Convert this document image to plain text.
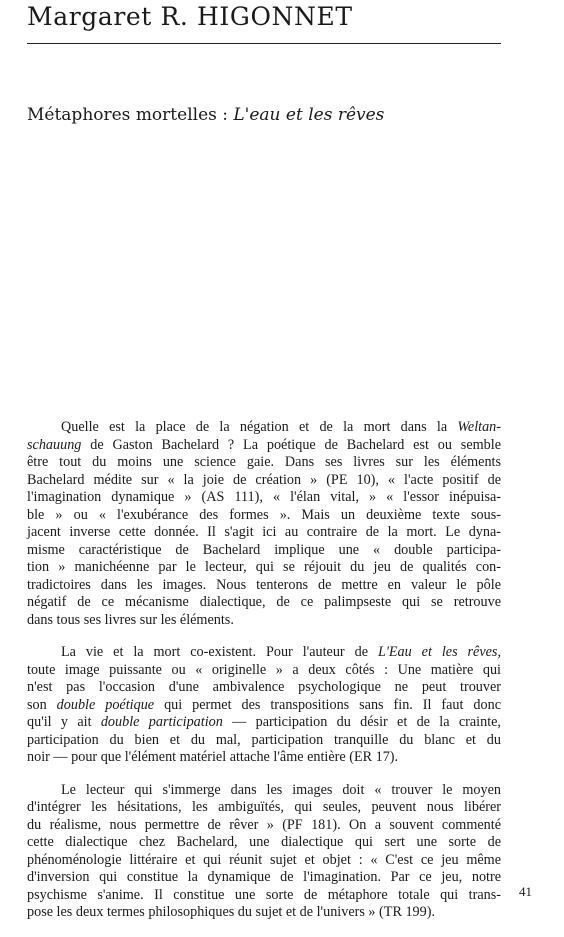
Margaret R. HIGONNET
Métaphores mortelles : L'eau et les rêves
Quelle est la place de la négation et de la mort dans la Weltan-
schauung de Gaston Bachelard ? La poétique de Bachelard est ou semble
être tout du moins une science gaie. Dans ses livres sur les éléments
Bachelard médite sur « la joie de création » (PE 10), « l'acte positif de
l'imagination dynamique » (AS 111), « l'élan vital, » « l'essor inépuisa-
ble » ou « l'exubérance des formes ». Mais un deuxième texte sous-
jacent inverse cette donnée. Il s'agit ici au contraire de la mort. Le dyna-
misme caractéristique de Bachelard implique une « double participa-
tion » manichéenne par le lecteur, qui se réjouit du jeu de qualités con-
tradictoires dans les images. Nous tenterons de mettre en valeur le pôle
négatif de ce mécanisme dialectique, de ce palimpseste qui se retrouve
dans tous ses livres sur les éléments.
La vie et la mort co-existent. Pour l'auteur de L'Eau et les rêves,
toute image puissante ou « originelle » a deux côtés : Une matière qui
n'est pas l'occasion d'une ambivalence psychologique ne peut trouver
son double poétique qui permet des transpositions sans fin. Il faut donc
qu'il y ait double participation — participation du désir et de la crainte,
participation du bien et du mal, participation tranquille du blanc et du
noir — pour que l'élément matériel attache l'âme entière (ER 17).
Le lecteur qui s'immerge dans les images doit « trouver le moyen
d'intégrer les hésitations, les ambiguïtés, qui seules, peuvent nous libérer
du réalisme, nous permettre de rêver » (PF 181). On a souvent commenté
cette dialectique chez Bachelard, une dialectique qui sert une sorte de
phénoménologie littéraire et qui réunit sujet et objet : « C'est ce jeu même
d'inversion qui constitue la dynamique de l'imagination. Par ce jeu, notre
psychisme s'anime. Il constitue une sorte de métaphore totale qui trans-
pose les deux termes philosophiques du sujet et de l'univers » (TR 199).
41
